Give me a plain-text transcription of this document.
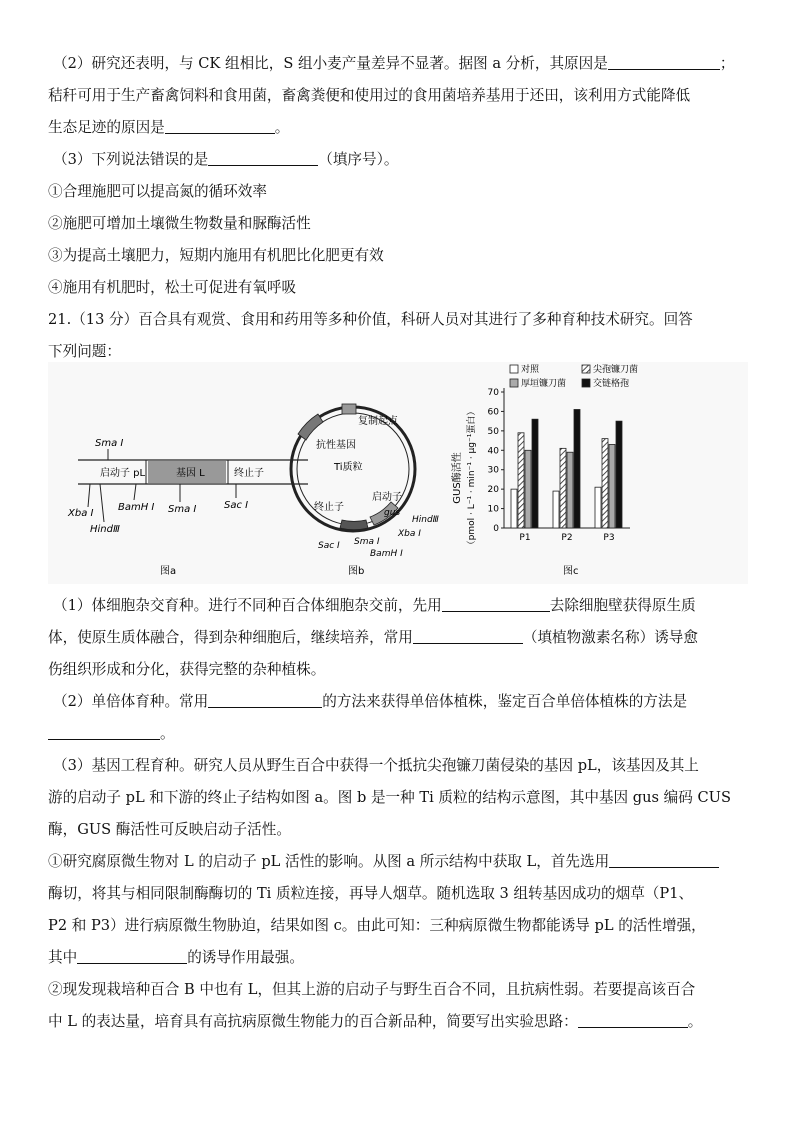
（2）研究还表明，与 CK 组相比，S 组小麦产量差异不显著。据图 a 分析，其原因是	；
秸秆可用于生产畜禽饲料和食用菌，畜禽粪便和使用过的食用菌培养基用于还田，该利用方式能降低
生态足迹的原因是	。
（3）下列说法错误的是	（填序号）。
①合理施肥可以提高氮的循环效率
②施肥可增加土壤微生物数量和脲酶活性
③为提高土壤肥力，短期内施用有机肥比化肥更有效
④施用有机肥时，松土可促进有氧呼吸
21.（13 分）百合具有观赏、食用和药用等多种价值，科研人员对其进行了多种育种技术研究。回答
下列问题：
启动子 pL	基因 L	终止子
Sma I
Xba I
HindⅢ
BamH I Sma I	Sac I
图a
复制起点
抗性基因
Ti质粒
启动子
gus
终止子
HindⅢ
Xba I
Sac I Sma I
BamH I
图b
GUS酶活性 （pmol · L⁻¹ · min⁻¹ · μg⁻¹蛋白）
对照	尖孢镰刀菌
厚垣镰刀菌	交链格孢
0
10
20
30
40
50
60
70
P1	P2	P3
图c
（1）体细胞杂交育种。进行不同种百合体细胞杂交前，先用	去除细胞壁获得原生质
体，使原生质体融合，得到杂种细胞后，继续培养，常用	（填植物激素名称）诱导愈
伤组织形成和分化，获得完整的杂种植株。
（2）单倍体育种。常用	的方法来获得单倍体植株，鉴定百合单倍体植株的方法是
。
（3）基因工程育种。研究人员从野生百合中获得一个抵抗尖孢镰刀菌侵染的基因 pL，该基因及其上
游的启动子 pL 和下游的终止子结构如图 a。图 b 是一种 Ti 质粒的结构示意图，其中基因 gus 编码 CUS
酶，GUS 酶活性可反映启动子活性。
①研究腐原微生物对 L 的启动子 pL 活性的影响。从图 a 所示结构中获取 L，首先选用
酶切，将其与相同限制酶酶切的 Ti 质粒连接，再导人烟草。随机选取 3 组转基因成功的烟草（P1、
P2 和 P3）进行病原微生物胁迫，结果如图 c。由此可知：三种病原微生物都能诱导 pL 的活性增强，
其中	的诱导作用最强。
②现发现栽培种百合 B 中也有 L，但其上游的启动子与野生百合不同，且抗病性弱。若要提高该百合
中 L 的表达量，培育具有高抗病原微生物能力的百合新品种，简要写出实验思路：	。
